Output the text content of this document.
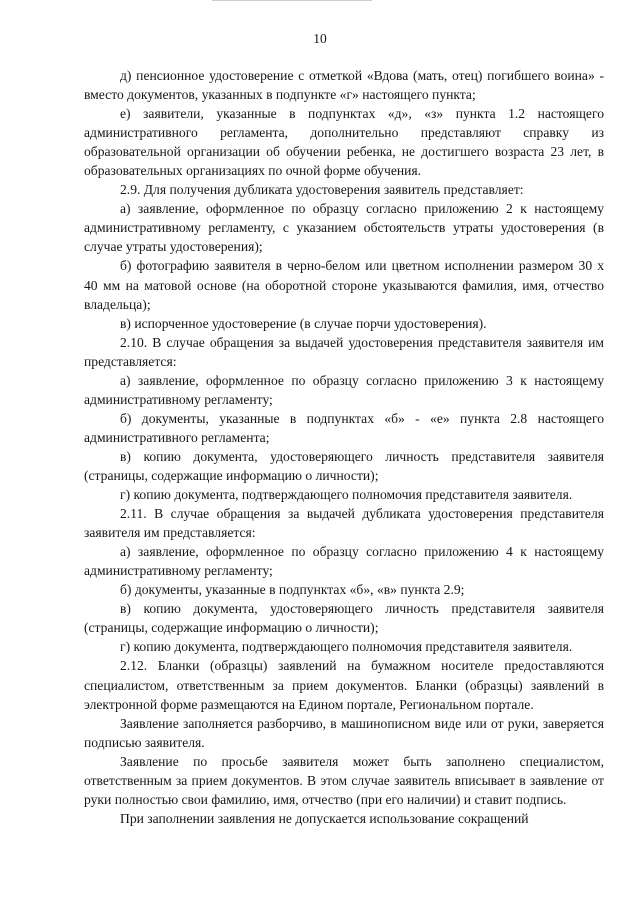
10

д) пенсионное удостоверение с отметкой «Вдова (мать, отец) погибшего воина» - вместо документов, указанных в подпункте «г» настоящего пункта;

е) заявители, указанные в подпунктах «д», «з» пункта 1.2 настоящего административного регламента, дополнительно представляют справку из образовательной организации об обучении ребенка, не достигшего возраста 23 лет, в образовательных организациях по очной форме обучения.

2.9. Для получения дубликата удостоверения заявитель представляет:

а) заявление, оформленное по образцу согласно приложению 2 к настоящему административному регламенту, с указанием обстоятельств утраты удостоверения (в случае утраты удостоверения);

б) фотографию заявителя в черно-белом или цветном исполнении размером 30 х 40 мм на матовой основе (на оборотной стороне указываются фамилия, имя, отчество владельца);

в) испорченное удостоверение (в случае порчи удостоверения).

2.10. В случае обращения за выдачей удостоверения представителя заявителя им представляется:

а) заявление, оформленное по образцу согласно приложению 3 к настоящему административному регламенту;

б) документы, указанные в подпунктах «б» - «е» пункта 2.8 настоящего административного регламента;

в) копию документа, удостоверяющего личность представителя заявителя (страницы, содержащие информацию о личности);

г) копию документа, подтверждающего полномочия представителя заявителя.

2.11. В случае обращения за выдачей дубликата удостоверения представителя заявителя им представляется:

а) заявление, оформленное по образцу согласно приложению 4 к настоящему административному регламенту;

б) документы, указанные в подпунктах «б», «в» пункта 2.9;

в) копию документа, удостоверяющего личность представителя заявителя (страницы, содержащие информацию о личности);

г) копию документа, подтверждающего полномочия представителя заявителя.

2.12. Бланки (образцы) заявлений на бумажном носителе предоставляются специалистом, ответственным за прием документов. Бланки (образцы) заявлений в электронной форме размещаются на Едином портале, Региональном портале.

Заявление заполняется разборчиво, в машинописном виде или от руки, заверяется подписью заявителя.

Заявление по просьбе заявителя может быть заполнено специалистом, ответственным за прием документов. В этом случае заявитель вписывает в заявление от руки полностью свои фамилию, имя, отчество (при его наличии) и ставит подпись.

При заполнении заявления не допускается использование сокращений
